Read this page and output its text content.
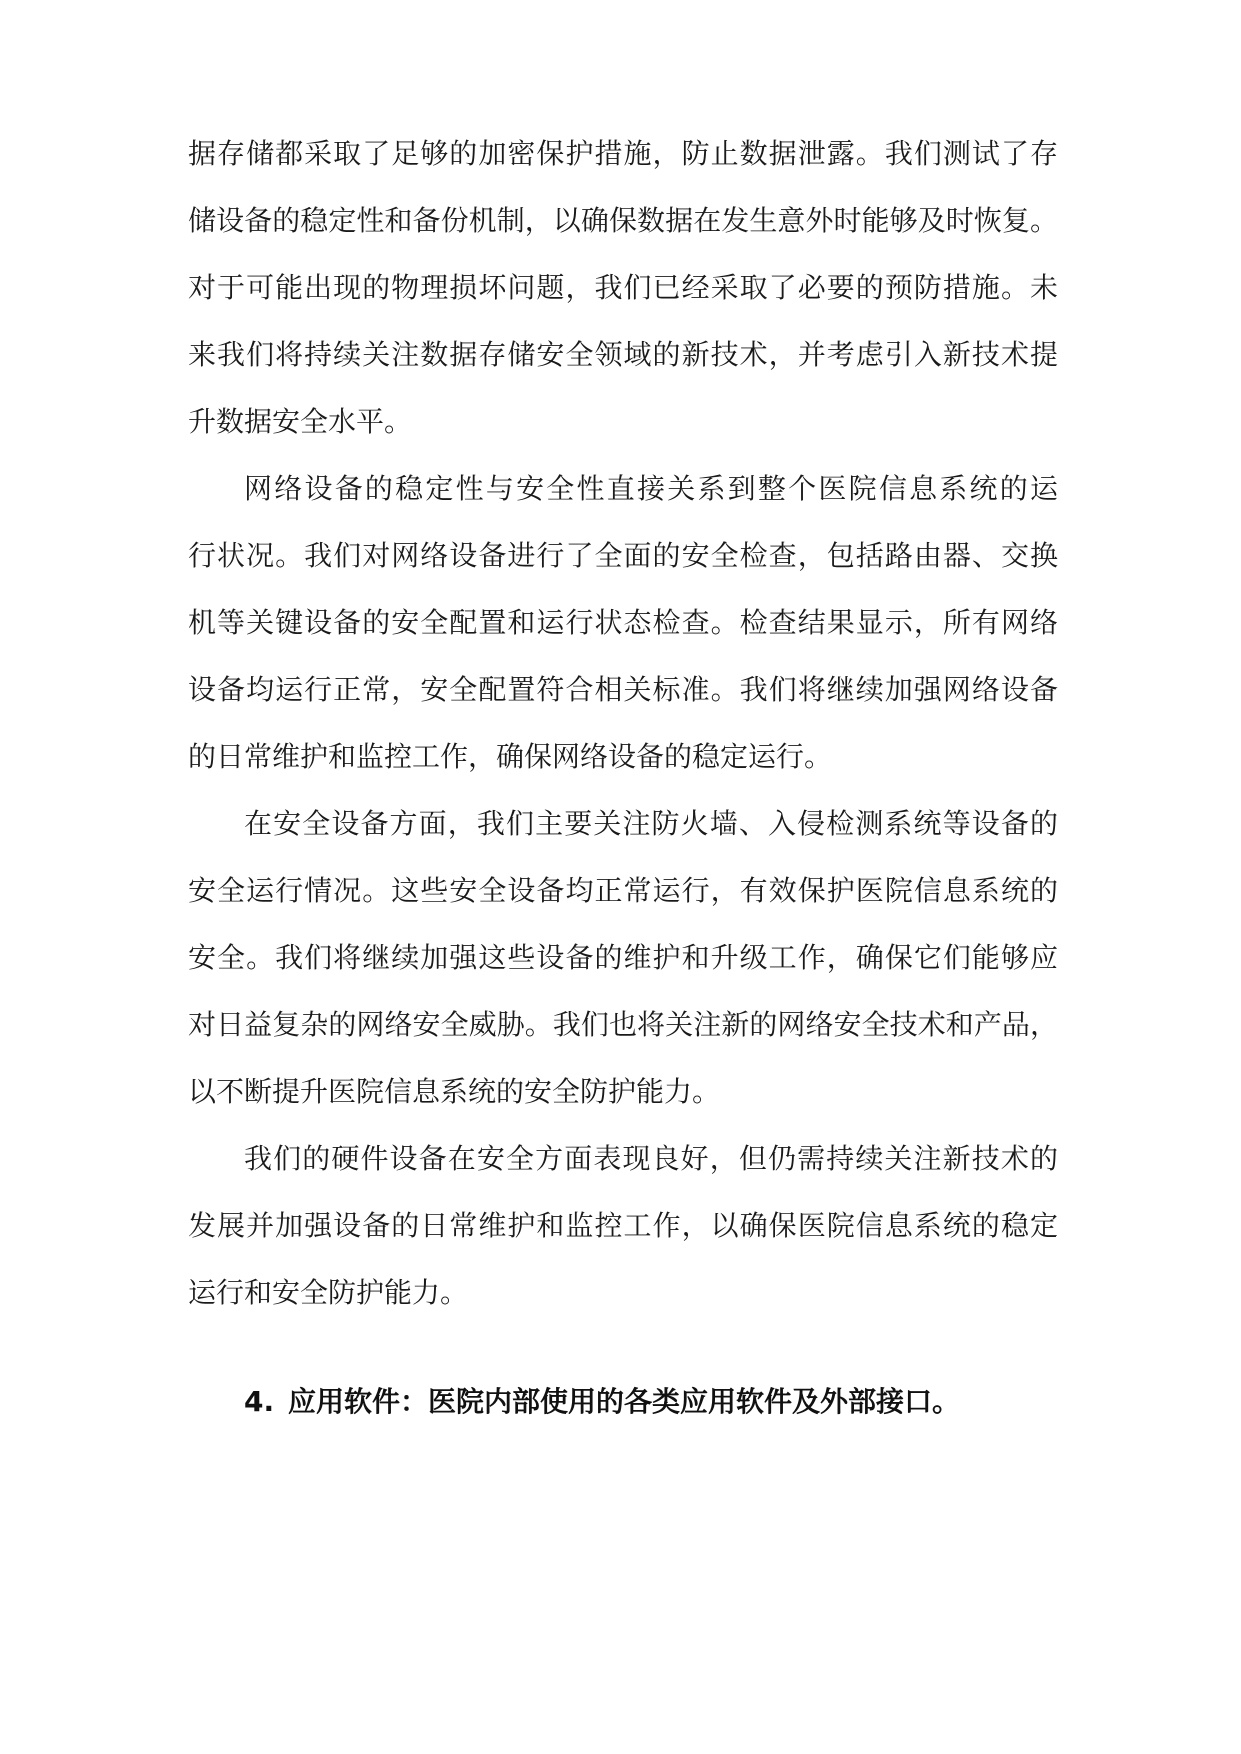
据存储都采取了足够的加密保护措施，防止数据泄露。我们测试了存
储设备的稳定性和备份机制，以确保数据在发生意外时能够及时恢复。
对于可能出现的物理损坏问题，我们已经采取了必要的预防措施。未
来我们将持续关注数据存储安全领域的新技术，并考虑引入新技术提
升数据安全水平。
网络设备的稳定性与安全性直接关系到整个医院信息系统的运
行状况。我们对网络设备进行了全面的安全检查，包括路由器、交换
机等关键设备的安全配置和运行状态检查。检查结果显示，所有网络
设备均运行正常，安全配置符合相关标准。我们将继续加强网络设备
的日常维护和监控工作，确保网络设备的稳定运行。
在安全设备方面，我们主要关注防火墙、入侵检测系统等设备的
安全运行情况。这些安全设备均正常运行，有效保护医院信息系统的
安全。我们将继续加强这些设备的维护和升级工作，确保它们能够应
对日益复杂的网络安全威胁。我们也将关注新的网络安全技术和产品，
以不断提升医院信息系统的安全防护能力。
我们的硬件设备在安全方面表现良好，但仍需持续关注新技术的
4. 应用软件：医院内部使用的各类应用软件及外部接口。
发展并加强设备的日常维护和监控工作，以确保医院信息系统的稳定
运行和安全防护能力。
